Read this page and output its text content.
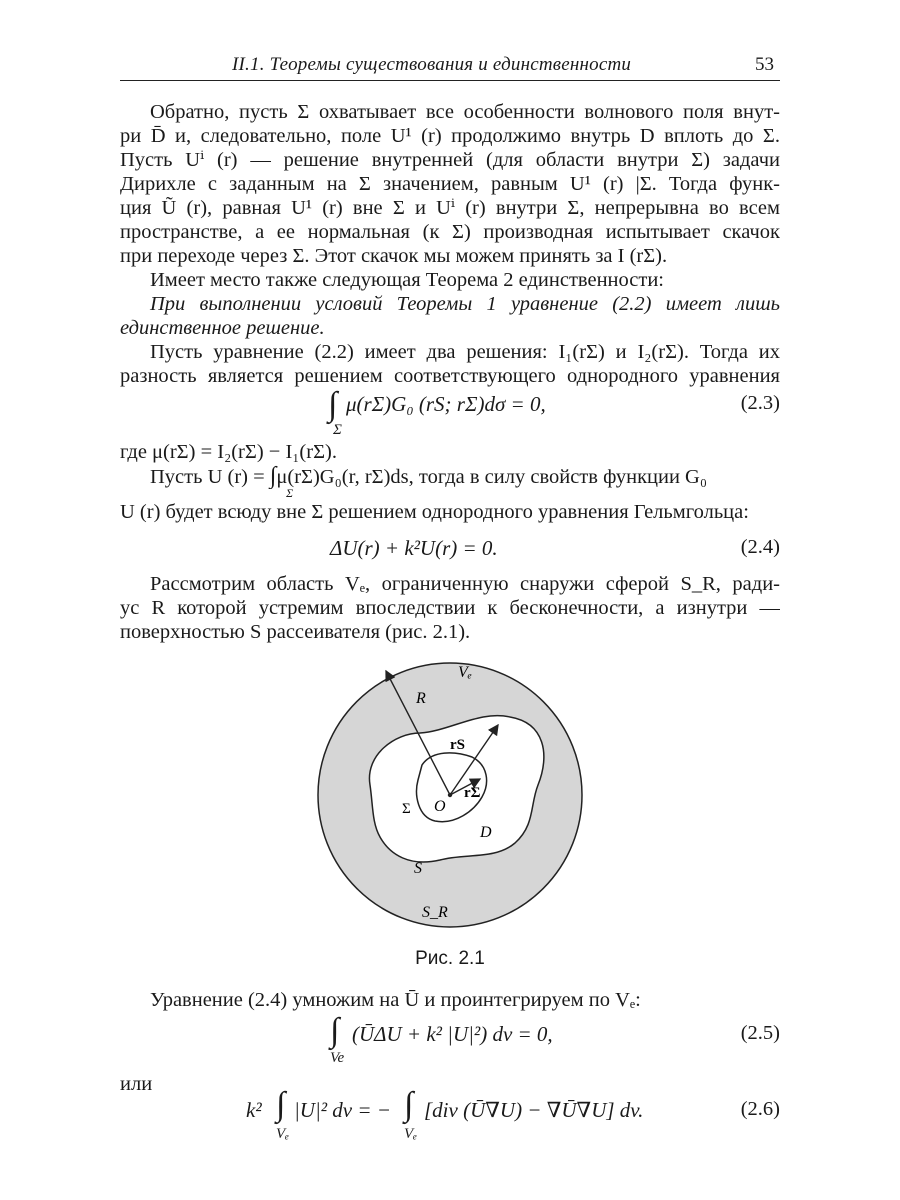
II.1. Теоремы существования и единственности	53
Обратно, пусть Σ охватывает все особенности волнового поля внут-
ри D̄ и, следовательно, поле U¹ (r) продолжимо внутрь D вплоть до Σ.
Пусть Uⁱ (r) — решение внутренней (для области внутри Σ) задачи
Дирихле с заданным на Σ значением, равным U¹ (r) |Σ. Тогда функ-
ция Ũ (r), равная U¹ (r) вне Σ и Uⁱ (r) внутри Σ, непрерывна во всем
пространстве, а ее нормальная (к Σ) производная испытывает скачок
при переходе через Σ. Этот скачок мы можем принять за I (rΣ).
Имеет место также следующая Теорема 2 единственности:
При выполнении условий Теоремы 1 уравнение (2.2) имеет лишь
единственное решение.
Пусть уравнение (2.2) имеет два решения: I₁(rΣ) и I₂(rΣ). Тогда их
разность является решением соответствующего однородного уравнения
∫ μ(rΣ)G₀ (rS; rΣ)dσ = 0,
Σ
(2.3)
где μ(rΣ) = I₂(rΣ) − I₁(rΣ).
Пусть U (r) = ∫μ(rΣ)G₀(r, rΣ)ds, тогда в силу свойств функции G₀
Σ
U (r) будет всюду вне Σ решением однородного уравнения Гельмгольца:
ΔU(r) + k²U(r) = 0.	(2.4)
Рассмотрим область Vₑ, ограниченную снаружи сферой S_R, ради-
ус R которой устремим впоследствии к бесконечности, а изнутри —
поверхностью S рассеивателя (рис. 2.1).
Vₑ
R
rS
rΣ
O
Σ
D
S
S_R
Рис. 2.1
Уравнение (2.4) умножим на Ū и проинтегрируем по Vₑ:
∫ (ŪΔU + k² |U|²) dv = 0,
Ve
(2.5)
или
k² ∫
Vₑ
|U|² dv = − ∫
Vₑ
[div (Ū∇U) − ∇Ū∇U] dv.	(2.6)
